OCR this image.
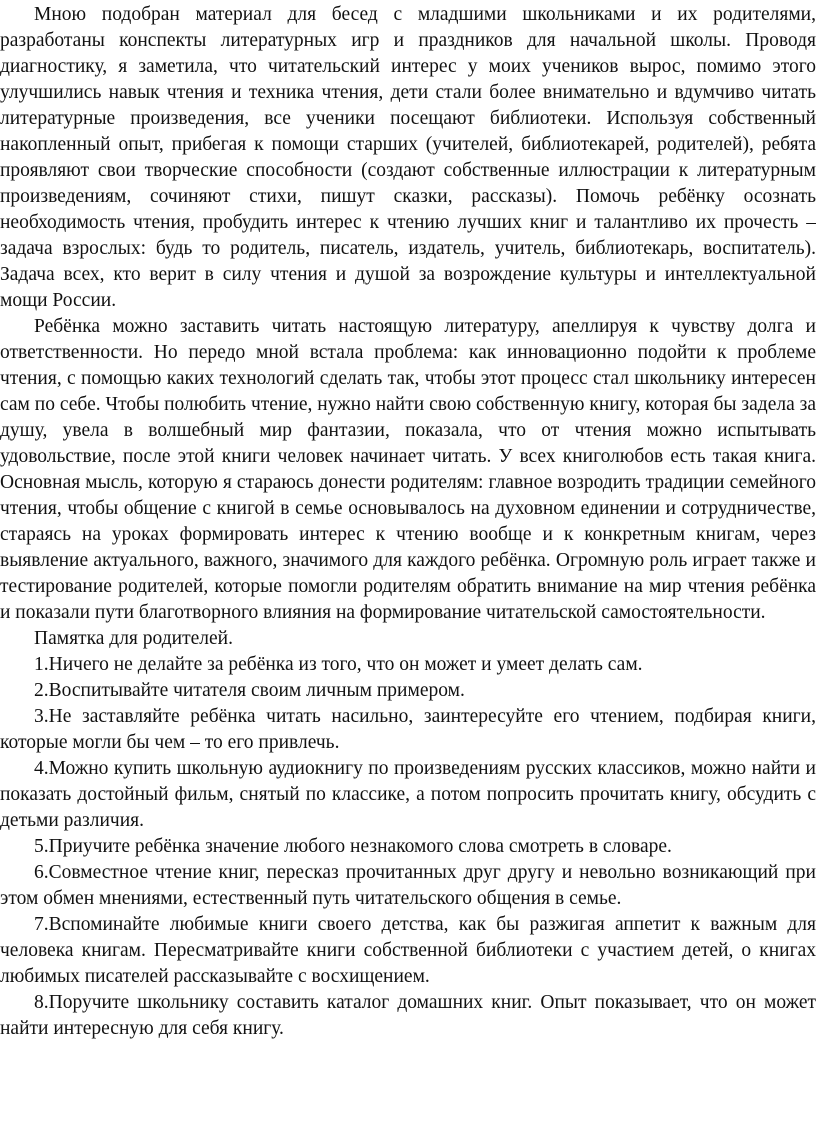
Мною подобран материал для бесед с младшими школьниками и их родителями, разработаны конспекты литературных игр и праздников для начальной школы. Проводя диагностику, я заметила, что читательский интерес у моих учеников вырос, помимо этого улучшились навык чтения и техника чтения, дети стали более внимательно и вдумчиво читать литературные произведения, все ученики посещают библиотеки. Используя собственный накопленный опыт, прибегая к помощи старших (учителей, библиотекарей, родителей), ребята проявляют свои творческие способности (создают собственные иллюстрации к литературным произведениям, сочиняют стихи, пишут сказки, рассказы). Помочь ребёнку осознать необходимость чтения, пробудить интерес к чтению лучших книг и талантливо их прочесть – задача взрослых: будь то родитель, писатель, издатель, учитель, библиотекарь, воспитатель). Задача всех, кто верит в силу чтения и душой за возрождение культуры и интеллектуальной мощи России.

Ребёнка можно заставить читать настоящую литературу, апеллируя к чувству долга и ответственности. Но передо мной встала проблема: как инновационно подойти к проблеме чтения, с помощью каких технологий сделать так, чтобы этот процесс стал школьнику интересен сам по себе. Чтобы полюбить чтение, нужно найти свою собственную книгу, которая бы задела за душу, увела в волшебный мир фантазии, показала, что от чтения можно испытывать удовольствие, после этой книги человек начинает читать. У всех книголюбов есть такая книга. Основная мысль, которую я стараюсь донести родителям: главное возродить традиции семейного чтения, чтобы общение с книгой в семье основывалось на духовном единении и сотрудничестве, стараясь на уроках формировать интерес к чтению вообще и к конкретным книгам, через выявление актуального, важного, значимого для каждого ребёнка. Огромную роль играет также и тестирование родителей, которые помогли родителям обратить внимание на мир чтения ребёнка и показали пути благотворного влияния на формирование читательской самостоятельности.

Памятка для родителей.

1.Ничего не делайте за ребёнка из того, что он может и умеет делать сам.

2.Воспитывайте читателя своим личным примером.

3.Не заставляйте ребёнка читать насильно, заинтересуйте его чтением, подбирая книги, которые могли бы чем – то его привлечь.

4.Можно купить школьную аудиокнигу по произведениям русских классиков, можно найти и показать достойный фильм, снятый по классике, а потом попросить прочитать книгу, обсудить с детьми различия.

5.Приучите ребёнка значение любого незнакомого слова смотреть в словаре.

6.Совместное чтение книг, пересказ прочитанных друг другу и невольно возникающий при этом обмен мнениями, естественный путь читательского общения в семье.

7.Вспоминайте любимые книги своего детства, как бы разжигая аппетит к важным для человека книгам. Пересматривайте книги собственной библиотеки с участием детей, о книгах любимых писателей рассказывайте с восхищением.

8.Поручите школьнику составить каталог домашних книг. Опыт показывает, что он может найти интересную для себя книгу.
